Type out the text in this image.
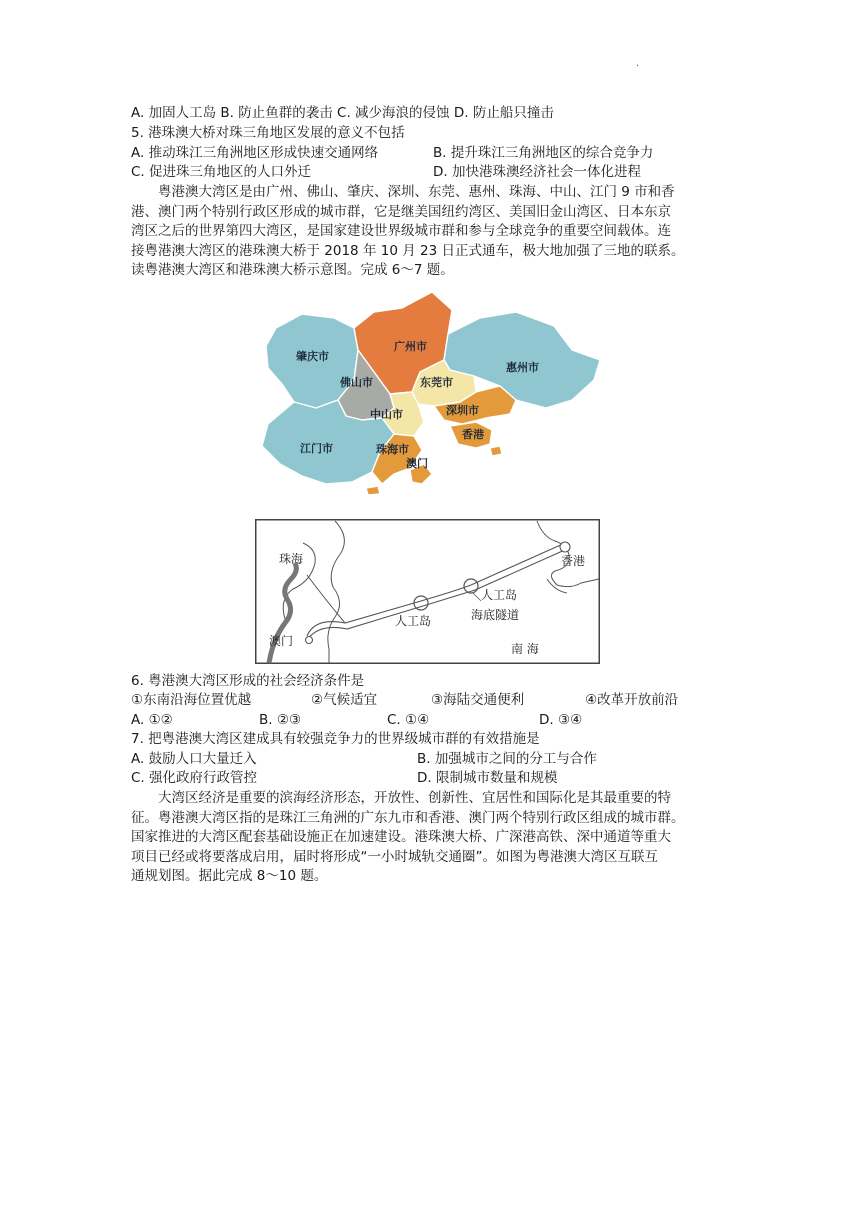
.
A. 加固人工岛 B. 防止鱼群的袭击 C. 减少海浪的侵蚀 D. 防止船只撞击
5. 港珠澳大桥对珠三角地区发展的意义不包括
A. 推动珠江三角洲地区形成快速交通网络	B. 提升珠江三角洲地区的综合竞争力
C. 促进珠三角地区的人口外迁	D. 加快港珠澳经济社会一体化进程

粤港澳大湾区是由广州、佛山、肇庆、深圳、东莞、惠州、珠海、中山、江门 9 市和香

港、澳门两个特别行政区形成的城市群，它是继美国纽约湾区、美国旧金山湾区、日本东京

湾区之后的世界第四大湾区，是国家建设世界级城市群和参与全球竞争的重要空间载体。连

接粤港澳大湾区的港珠澳大桥于 2018 年 10 月 23 日正式通车，极大地加强了三地的联系。

读粤港澳大湾区和港珠澳大桥示意图。完成 6～7 题。

肇庆市
广州市
佛山市	东莞市
惠州市
中山市	深圳市
香港
江门市	珠海市
澳门
珠海	香港
澳门
人工岛
海底隧道
人工岛
南 海
6. 粤港澳大湾区形成的社会经济条件是
①东南沿海位置优越	②气候适宜	③海陆交通便利	④改革开放前沿
A. ①②	B. ②③	C. ①④	D. ③④
7. 把粤港澳大湾区建成具有较强竞争力的世界级城市群的有效措施是
A. 鼓励人口大量迁入	B. 加强城市之间的分工与合作
C. 强化政府行政管控	D. 限制城市数量和规模

大湾区经济是重要的滨海经济形态，开放性、创新性、宜居性和国际化是其最重要的特

征。粤港澳大湾区指的是珠江三角洲的广东九市和香港、澳门两个特别行政区组成的城市群。

国家推进的大湾区配套基础设施正在加速建设。港珠澳大桥、广深港高铁、深中通道等重大

项目已经或将要落成启用，届时将形成“一小时城轨交通圈”。如图为粤港澳大湾区互联互

通规划图。据此完成 8～10 题。
